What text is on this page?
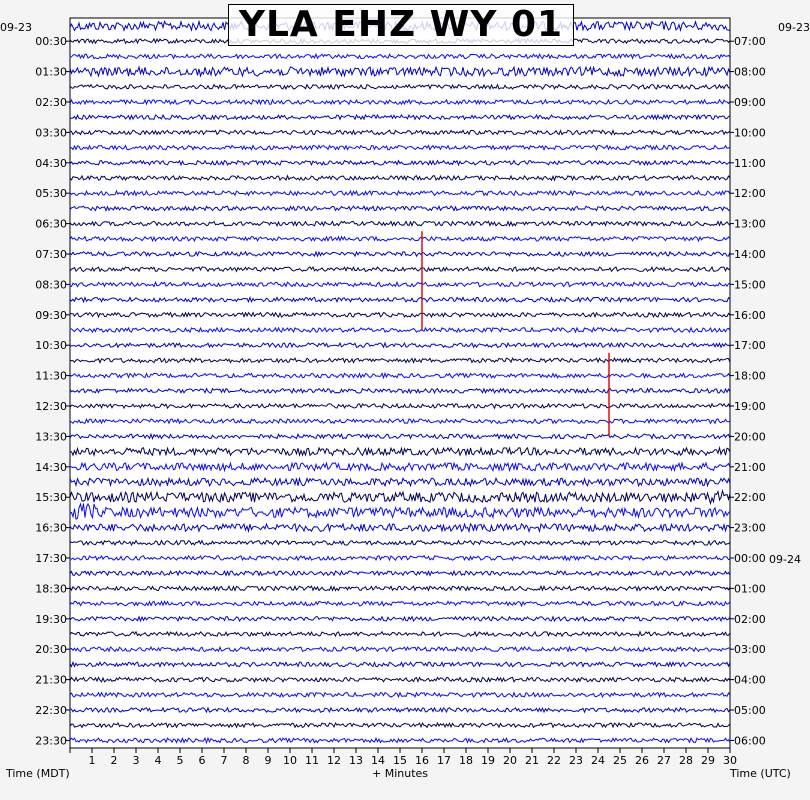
1 2 3 4 5 6 7 8 9 10 11 12 13 14 15 16 17 18 19 20 21 22 23 24 25 26 27 28 29 30
00:30
01:30
02:30
03:30
04:30
05:30
06:30
07:30
08:30
09:30
10:30
11:30
12:30
13:30
14:30
15:30
16:30
17:30
18:30
19:30
20:30
21:30
22:30
23:30
07:00
08:00
09:00
10:00
11:00
12:00
13:00
14:00
15:00
16:00
17:00
18:00
19:00
20:00
21:00
22:00
23:00
00:00
01:00
02:00
03:00
04:00
05:00
06:00
YLA EHZ WY 01
09-23	09-23
09-24
Time (MDT)	+ Minutes	Time (UTC)
